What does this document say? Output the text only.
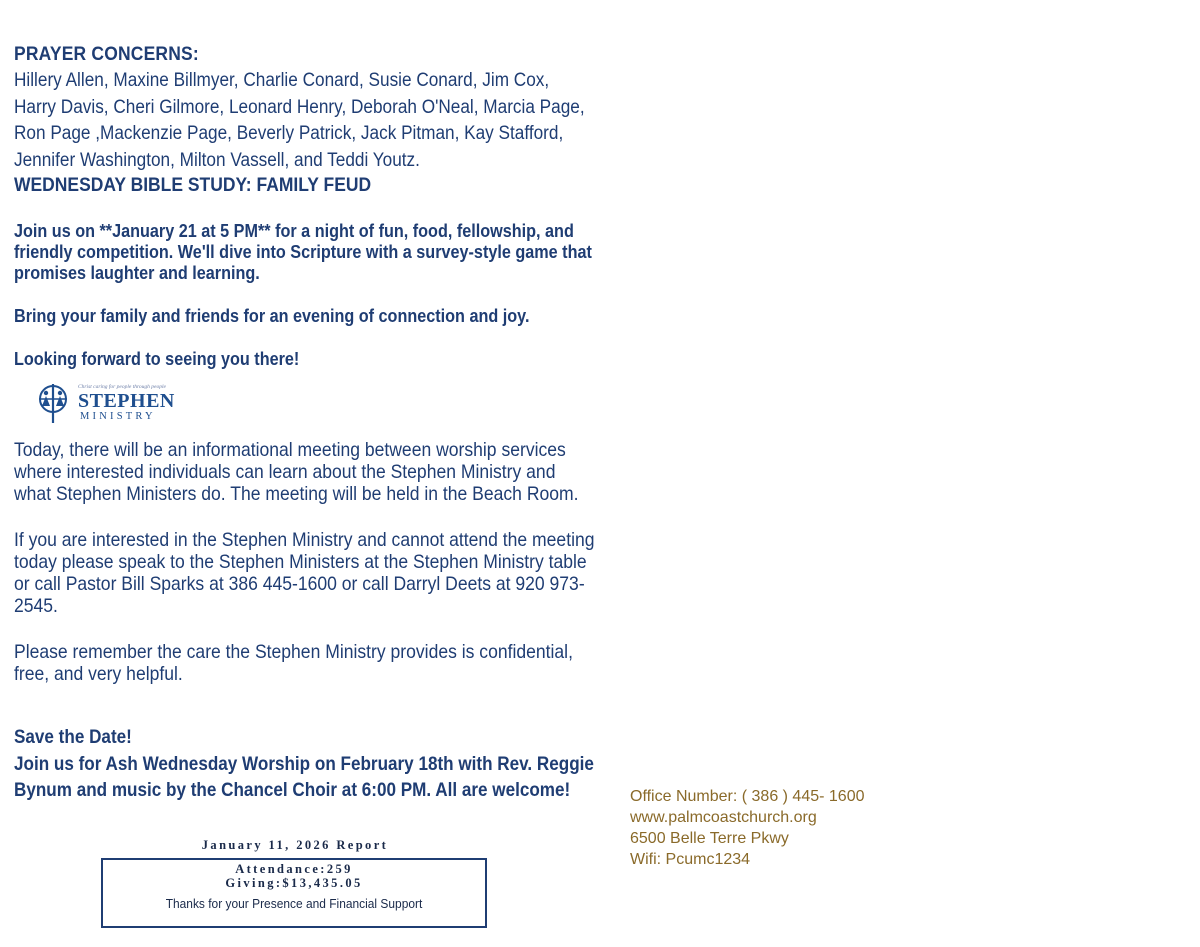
PRAYER CONCERNS:

Hillery Allen, Maxine Billmyer, Charlie Conard, Susie Conard, Jim Cox, Harry Davis, Cheri Gilmore, Leonard Henry, Deborah O'Neal, Marcia Page, Ron Page ,Mackenzie Page, Beverly Patrick, Jack Pitman, Kay Stafford, Jennifer Washington, Milton Vassell, and Teddi Youtz.

WEDNESDAY BIBLE STUDY: FAMILY FEUD

Join us on **January 21 at 5 PM** for a night of fun, food, fellowship, and friendly competition. We'll dive into Scripture with a survey-style game that promises laughter and learning.

Bring your family and friends for an evening of connection and joy.

Looking forward to seeing you there!

Christ caring for people through people
STEPHEN
MINISTRY

Today, there will be an informational meeting between worship services where interested individuals can learn about the Stephen Ministry and what Stephen Ministers do. The meeting will be held in the Beach Room.

If you are interested in the Stephen Ministry and cannot attend the meeting today please speak to the Stephen Ministers at the Stephen Ministry table or call Pastor Bill Sparks at 386 445-1600 or call Darryl Deets at 920 973-2545.

Please remember the care the Stephen Ministry provides is confidential, free, and very helpful.

Save the Date!

Join us for Ash Wednesday Worship on February 18th with Rev. Reggie Bynum and music by the Chancel Choir at 6:00 PM. All are welcome!

January 11, 2026 Report
Attendance:259
Giving:$13,435.05
Thanks for your Presence and Financial Support
Office Number: ( 386 ) 445- 1600
www.palmcoastchurch.org
6500 Belle Terre Pkwy
Wifi: Pcumc1234
